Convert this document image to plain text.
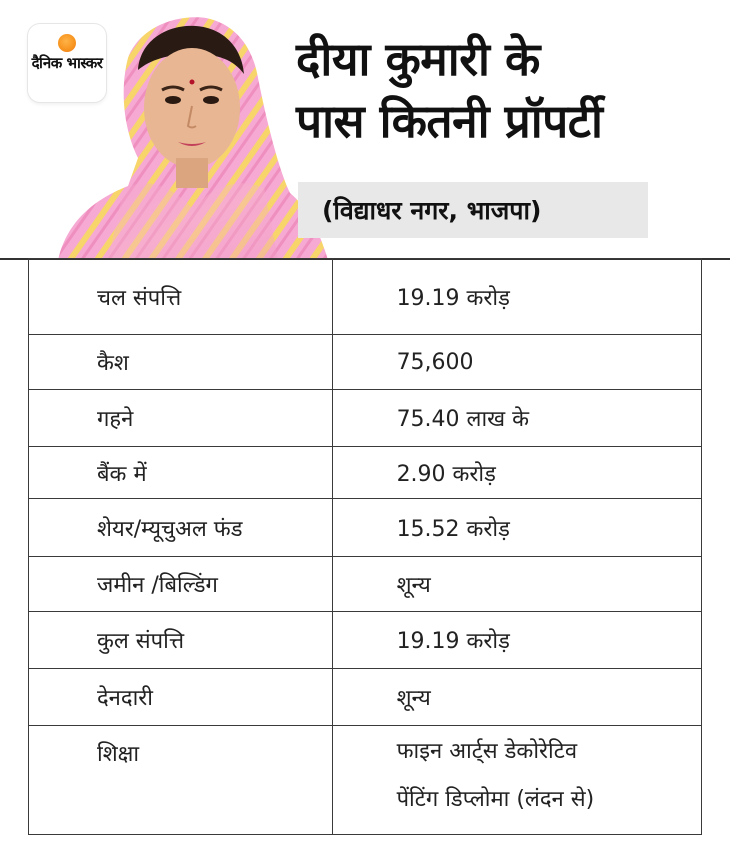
दैनिक भास्कर	दीया कुमारी के
पास कितनी प्रॉपर्टी
(विद्याधर नगर, भाजपा)
चल संपत्ति	19.19 करोड़
कैश	75,600
गहने	75.40 लाख के
बैंक में	2.90 करोड़
शेयर/म्यूचुअल फंड	15.52 करोड़
जमीन /बिल्डिंग	शून्य
कुल संपत्ति	19.19 करोड़
देनदारी	शून्य
शिक्षा	फाइन आर्ट्स डेकोरेटिव
पेंटिंग डिप्लोमा (लंदन से)
